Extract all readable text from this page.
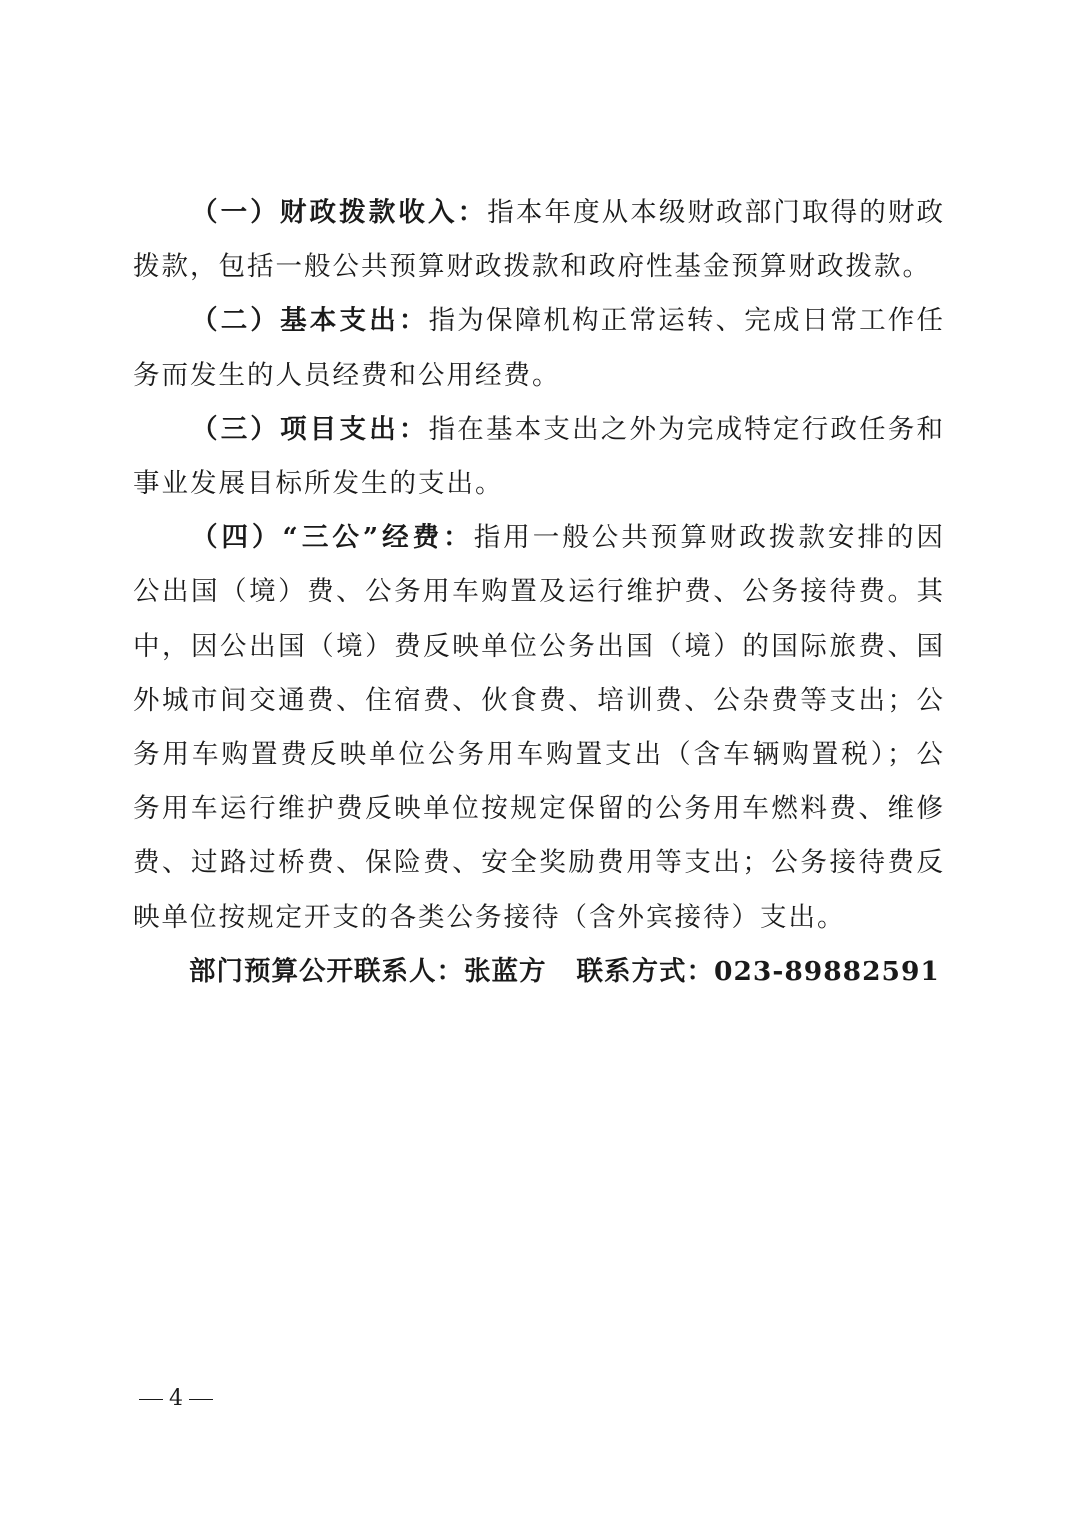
（一）财政拨款收入：指本年度从本级财政部门取得的财政拨款，包括一般公共预算财政拨款和政府性基金预算财政拨款。

（二）基本支出：指为保障机构正常运转、完成日常工作任务而发生的人员经费和公用经费。

（三）项目支出：指在基本支出之外为完成特定行政任务和事业发展目标所发生的支出。

（四）“三公”经费：指用一般公共预算财政拨款安排的因公出国（境）费、公务用车购置及运行维护费、公务接待费。其中，因公出国（境）费反映单位公务出国（境）的国际旅费、国外城市间交通费、住宿费、伙食费、培训费、公杂费等支出；公务用车购置费反映单位公务用车购置支出（含车辆购置税）；公务用车运行维护费反映单位按规定保留的公务用车燃料费、维修费、过路过桥费、保险费、安全奖励费用等支出；公务接待费反映单位按规定开支的各类公务接待（含外宾接待）支出。

部门预算公开联系人：张蓝方 联系方式：023-89882591

4
